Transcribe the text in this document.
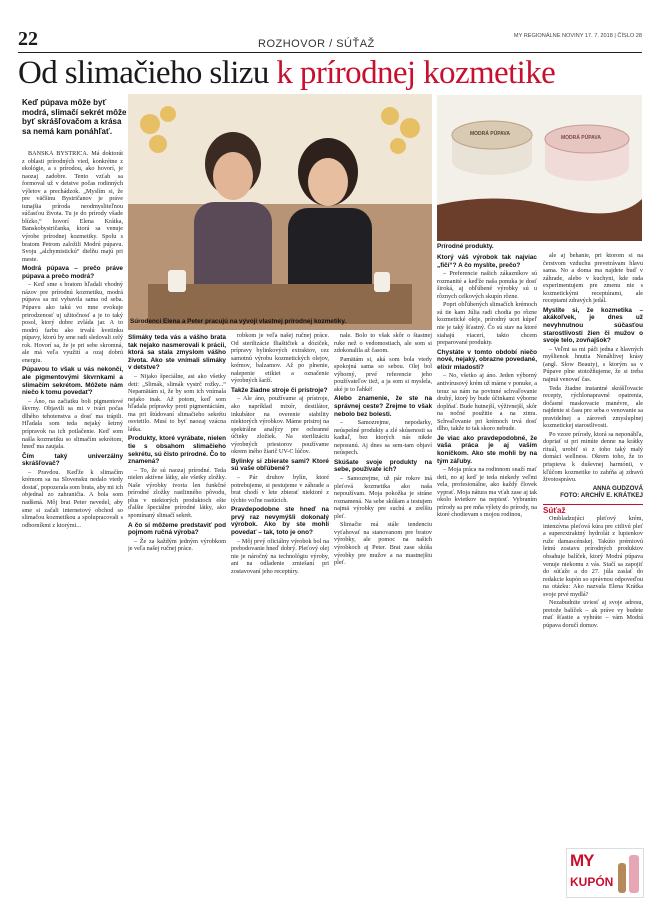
22	ROZHOVOR / SÚŤAŽ
MY REGIONÁLNE NOVINY 17. 7. 2018 | ČÍSLO 28
Od slimačieho slizu k prírodnej kozmetike
Keď púpava môže byť modrá, slimačí sekrét môže byť skrášľovačom a krása sa nemá kam ponáhľať.
Súrodenci Elena a Peter pracujú na vývoji vlastnej prírodnej kozmetiky.
MODRÁ PÚPAVA
MODRÁ PÚPAVA
Prírodné produkty.

BANSKÁ BYSTRICA. Má doktorát z oblasti prírodných vied, konkrétne z ekológie, a s prírodou, ako hovorí, je naozaj zadobre. Tento vzťah sa formoval už v detstve počas rodinných výletov a prechádzok. „Myslím si, že pre väčšinu Bystričanov je práve tunajšia príroda neodmysliteľnou súčasťou života. Tu je do prírody všade blízko,“ hovorí Elena Krátka, Banskobystričanka, ktorá sa venuje výrobe prírodnej kozmetiky. Spolu s bratom Petrom založili Modrú púpavu. Svoju „alchymistickú“ dielňu majú pri meste.

Modrá púpava – prečo práve púpava a prečo modrá?

– Keď sme s bratom hľadali vhodný názov pre prírodnú kozmetiku, modrá púpava sa mi vybavila sama od seba. Púpavu ako takú vo mne evokuje prirodzenosť uj užitočnosť a je to taký posol, ktorý dobre zvláda jar. A to modrú farbu ako trvalú kvetinku púpavy, ktorú by sme radi sledovali celý rok. Hovorí sa, že je pri sebe skromná, ale má veľa využití a ozaj dobrú energiu.

Púpavou to však u vás nekončí, ale pigmentovými škvrnkami a slimačím sekrétom. Môžete nám niečo k tomu povedať?

– Áno, na začiatku boli pigmentové škvrny. Objavili sa mi v tvári počas dlhého tehotenstva a dosť ma trápili. Hľadala som teda nejaký šetrný prípravok na ich potlačenie. Keď som našla kozmetiku so slimačím sekrétom, hneď ma zaujala.

Čím taký univerzálny skrášľovač?

– Pravdou. Keďže k slimačím krémom sa na Slovensku nedalo vtedy dostať, popozerala som brata, aby mi ich objednal zo zahraničia. A bola som nadšená. Môj brat Peter nevedel, aby sme si začali internetový obchod so slimačou kozmetikou a spolupracovali s odborníkmi z ktorými...

Slimáky teda vás a vášho brata tak nejako nasmerovali k prácii, ktorá sa stala zmyslom vášho života. Ako ste vnímali slimáky v detstve?

– Nijako špeciálne, asi ako všetky deti: „Slimák, slimák vystrč rožky...“ Nepamätám si, že by som ich vnímala nejako inak. Až potom, keď som hľadala prípravky proti pigmentáciám, ma pri štúdovaní slimačieho sekrétu osvietilo. Musí to byť naozaj vzácna látka.

Produkty, ktoré vyrábate, nielen tie s obsahom slimačieho sekrétu, sú čisto prírodné. Čo to znamená?

– To, že sú naozaj prírodné. Teda nielen aktívne látky, ale všetky zložky. Naše výrobky tvoria len funkčné prírodné zložky rastlinného pôvodu, plus v niektorých produktoch ešte ďalšie špeciálne prírodné látky, ako spomínaný slimačí sekrét.

A čo si môžeme predstaviť pod pojmom ručná výroba?

– Že za každým jedným výrobkom je veľa našej ručnej práce.

robkom je veľa našej ručnej práce. Od sterilizácie fliaštičiek a dóziček, prípravy bylinkových extraktov, cez samotnú výrobu kozmetických olejov, krémov, balzamov. Až po plnenie, nalepenie etikiet a označenie výrobných šarží.

Takže žiadne stroje či prístroje?

– Ale áno, používame aj prístroje, ako napríklad mixér, destilátor, inkubátor na overenie stability niektorých výrobkov. Máme pristroj na spektrálne analýzy pre ochranné účinky zložiek. Na sterilizáciu výrobných priestorov používame okrem iného žiarič UV-C lúčov.

Bylinky si zbierate sami? Ktoré sú vaše obľúbené?

– Pár druhov bylín, ktoré potrebujeme, si pestujeme v záhrade a brat chodí v lete zbierať niektoré z týchto voľne rastúcich.

Pravdepodobne ste hneď na prvý raz nevymýšli dokonalý výrobok. Ako by ste mohli povedať – tak, toto je ono?

– Môj prvý oficiálny výrobok bol na prebodovanie hneď dobrý. Pleťový olej nie je náročný na technológiu výroby, ani na odladenie zmiešaní pri zostavovaní jeho receptúry.

nale. Bolo to však skôr o štastnej ruke než o vedomostiach, ale som si zdokonalila až časom.

Pamätám si, aká som bola vtedy spokojná sama so sebou. Olej bol výborný, prvé referencie jeho používateľov tiež, a ja som si myslela, aké je to ľahké!

Alebo znamenie, že ste na správnej ceste? Zrejme to však nebolo bez bolesti.

– Samozrejme, nepodarky, neúspešné produkty a zlé skúsenosti sa kadiaľ, bez ktorých nás nikde neposunú. Aj dnes sa sem-tam objaví neúspech.

Skúšate svoje produkty na sebe, používate ich?

– Samozrejme, už pár rokov iná pleťová kozmetika ako naša nepoužívam. Moja pokožka je stráne roznamená. Na sebe skúšam a testujem najmä výrobky pre suchú a zrelšiu pleť.

Slimačie má stále tendenciu vyťahovať na stanovanom pre bratov výrobky, ale pomoc na našich výrobkoch aj Peter. Brat zase skúša výrobky pre mužov a na mastnejšiu pleť.

Ktorý váš výrobok tak najviac „fičí“? A čo myslíte, prečo?

– Preferencie našich zákazníkov sú rozmanité a keďže naša ponuka je dosť široká, aj obľúbené výrobky sú u rôznych celkových skupín rôzne.

Popri obľúbených slimačích krémoch sú tie kam Júlia radi chodia po rôzne kozmetické oleje, prírodný ucet kúpeľ nie je taký šťastný. Čo sú stav na ktoré siahajú viacerí, takto chcem preparované produkty.

Chystáte v tomto období niečo nové, nejaký, obrazne povedané, elixír mladosti?

– No, všetko aj áno. Jeden výborný antivírusový krém už máme v ponuke, a teraz sa nám na povinné schvaľovanie druhý, ktorý by bude účinkami výborne doplňať. Bude hutnejší, výživnejší, skôr na nočné použitie a na zimu. Schvaľovanie pri krémoch trvá dosť dlho, takže to tak skoro nebude.

Je viac ako pravdepodobné, že vaša práca je aj vaším koníčkom. Ako ste mohli by na tým záľuby.

– Moja práca na rodinnom snaží mať deti, no aj keď je teda niekedy veľmi vela, profesionálne, ako každý človek vyprať. Moja nátura ma vťah zase aj tak okolo kvietkov na nepiesť. Vybraním prírody sa pre mňa výlety do prírody, na ktoré chodievam s mojou rodinou,

ale aj behanie, pri ktorom si na čerstvom vzduchu prevetrávam hlavu sama. No a doma ma najdete buď v záhrade, alebo v kuchyni, kde rada experimentujem pre zmenu nie s kozmetickými receptúrami, ale receptami zdravých jedál.

Myslíte si, že kozmetika – akákoľvek, je dnes už nevyhnutnou súčasťou starostlivosti žien či mužov o svoje telo, zovňajšok?

– Veľmi sa mi páči jedna z hlavných myšlienok hnutia Nenáhlivej krásy (angl. Slow Beauty), s ktorým sa v Púpave plne stotožňujeme, že si treba najmä venovať čas.

Teda žiadne instantné skrášľovacie recepty, rýchlonapravné opatrenia, dočasné maskovacie manévre, ale najdenie si času pre seba o venovanie sa pravidelnej a zároveň zmysluplnej kozmetickej starostlivosti.

Po vzore prírody, ktorá sa neponáhľa, dopriať si pri minúte denne na krátky rituál, urobiť si z toho taký malý domáci wellness. Okrem toho, že to prispieva k duševnej harmónii, v kľúčom kozmetike to zahŕňa aj zdravú životosprávu.

ANNA GUDZOVÁ
FOTO: ARCHÍV E. KRÁTKEJ

Súťaž

Ombladzujúci pleťový krém, intenzívna pleťová kúra pre citlivú pleť a superextraktný hydrolát z lupienkov ruže damascénskej. Takúto prémiovú letnú zostavu prírodných produktov obsahuje balíček, ktorý Modrá púpava venuje niekomu z vás. Stačí sa zapojiť do súťaže a do 27. júla zaslať do redakcie kupón so správnou odpoveďou na otázku: Ako nazvala Elena Krátka svoje prvé mydlá?

Nezabudnite uviesť aj svoje adresu, pretože balíček – ak práve vy budete mať šťastie a vyhráte – vám Modrá púpava doručí domov.

MY
KUPÓN
